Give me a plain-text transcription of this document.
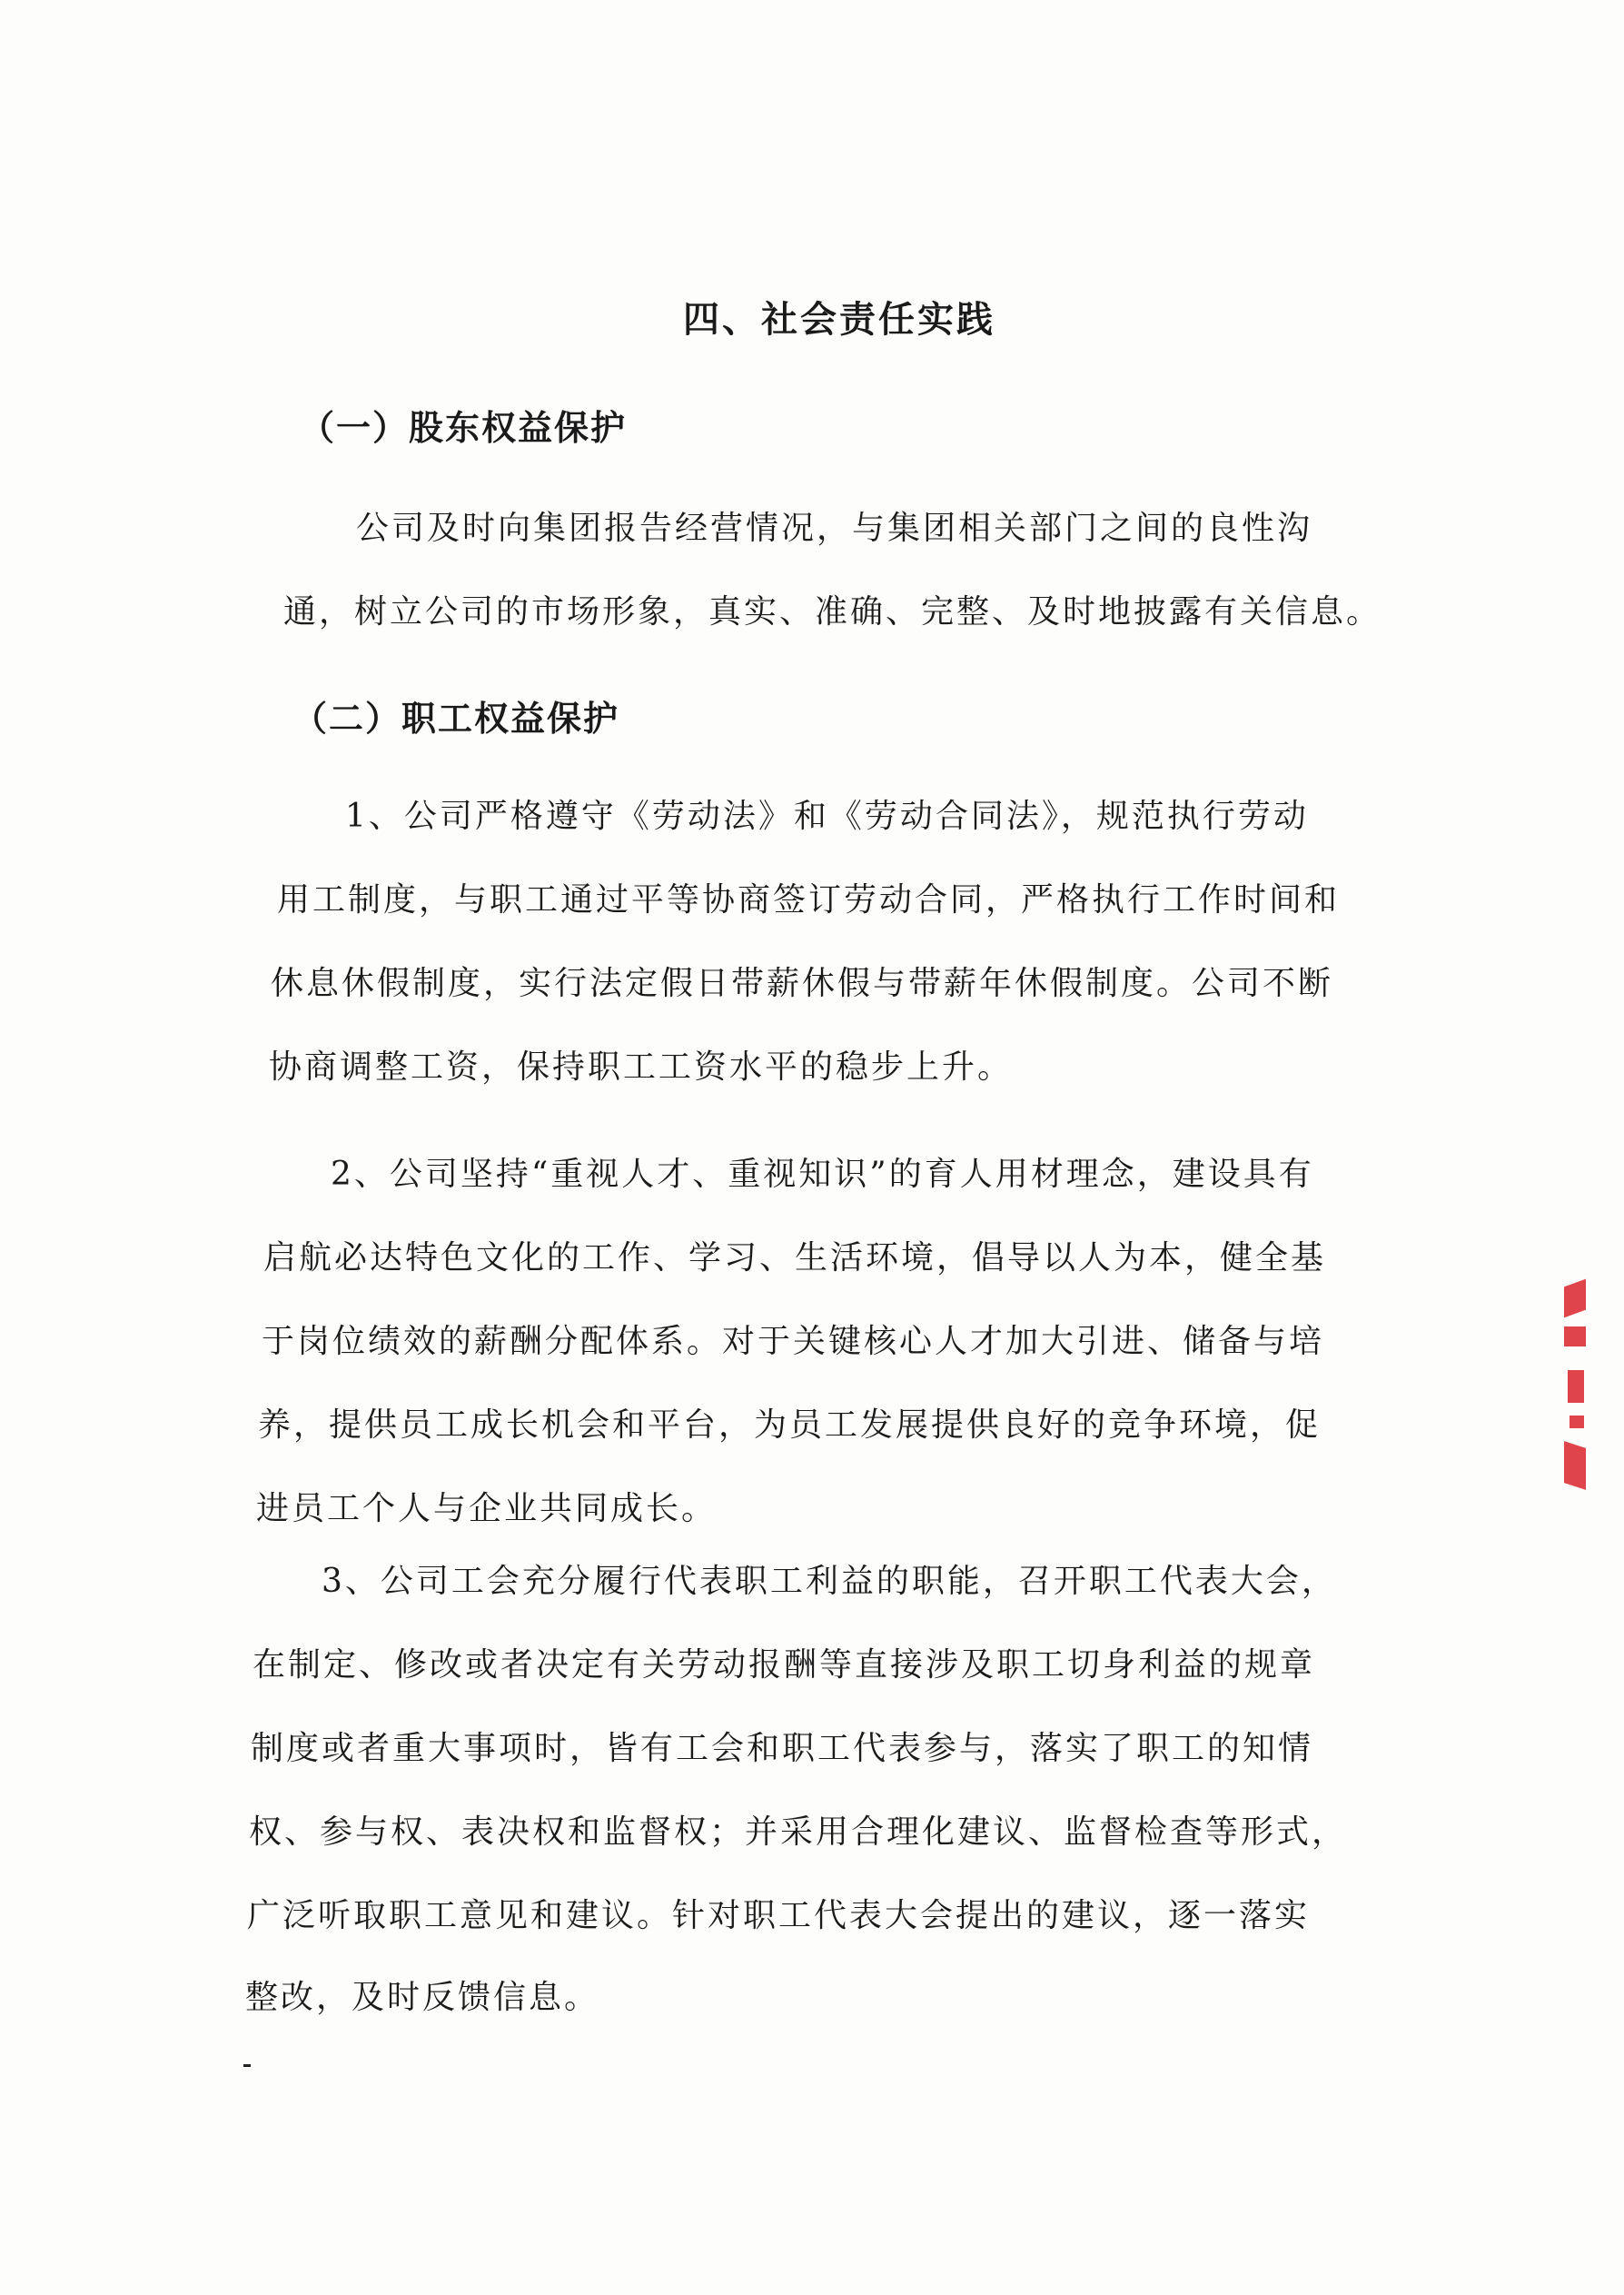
四、社会责任实践
（一）股东权益保护
公司及时向集团报告经营情况，与集团相关部门之间的良性沟
通，树立公司的市场形象，真实、准确、完整、及时地披露有关信息。
（二）职工权益保护
1、公司严格遵守《劳动法》和《劳动合同法》，规范执行劳动
用工制度，与职工通过平等协商签订劳动合同，严格执行工作时间和
休息休假制度，实行法定假日带薪休假与带薪年休假制度。公司不断
协商调整工资，保持职工工资水平的稳步上升。
2、公司坚持“重视人才、重视知识”的育人用材理念，建设具有
启航必达特色文化的工作、学习、生活环境，倡导以人为本，健全基
于岗位绩效的薪酬分配体系。对于关键核心人才加大引进、储备与培
养，提供员工成长机会和平台，为员工发展提供良好的竞争环境，促
进员工个人与企业共同成长。
3、公司工会充分履行代表职工利益的职能，召开职工代表大会，
在制定、修改或者决定有关劳动报酬等直接涉及职工切身利益的规章
制度或者重大事项时，皆有工会和职工代表参与，落实了职工的知情
权、参与权、表决权和监督权；并采用合理化建议、监督检查等形式，
广泛听取职工意见和建议。针对职工代表大会提出的建议，逐一落实
整改，及时反馈信息。
